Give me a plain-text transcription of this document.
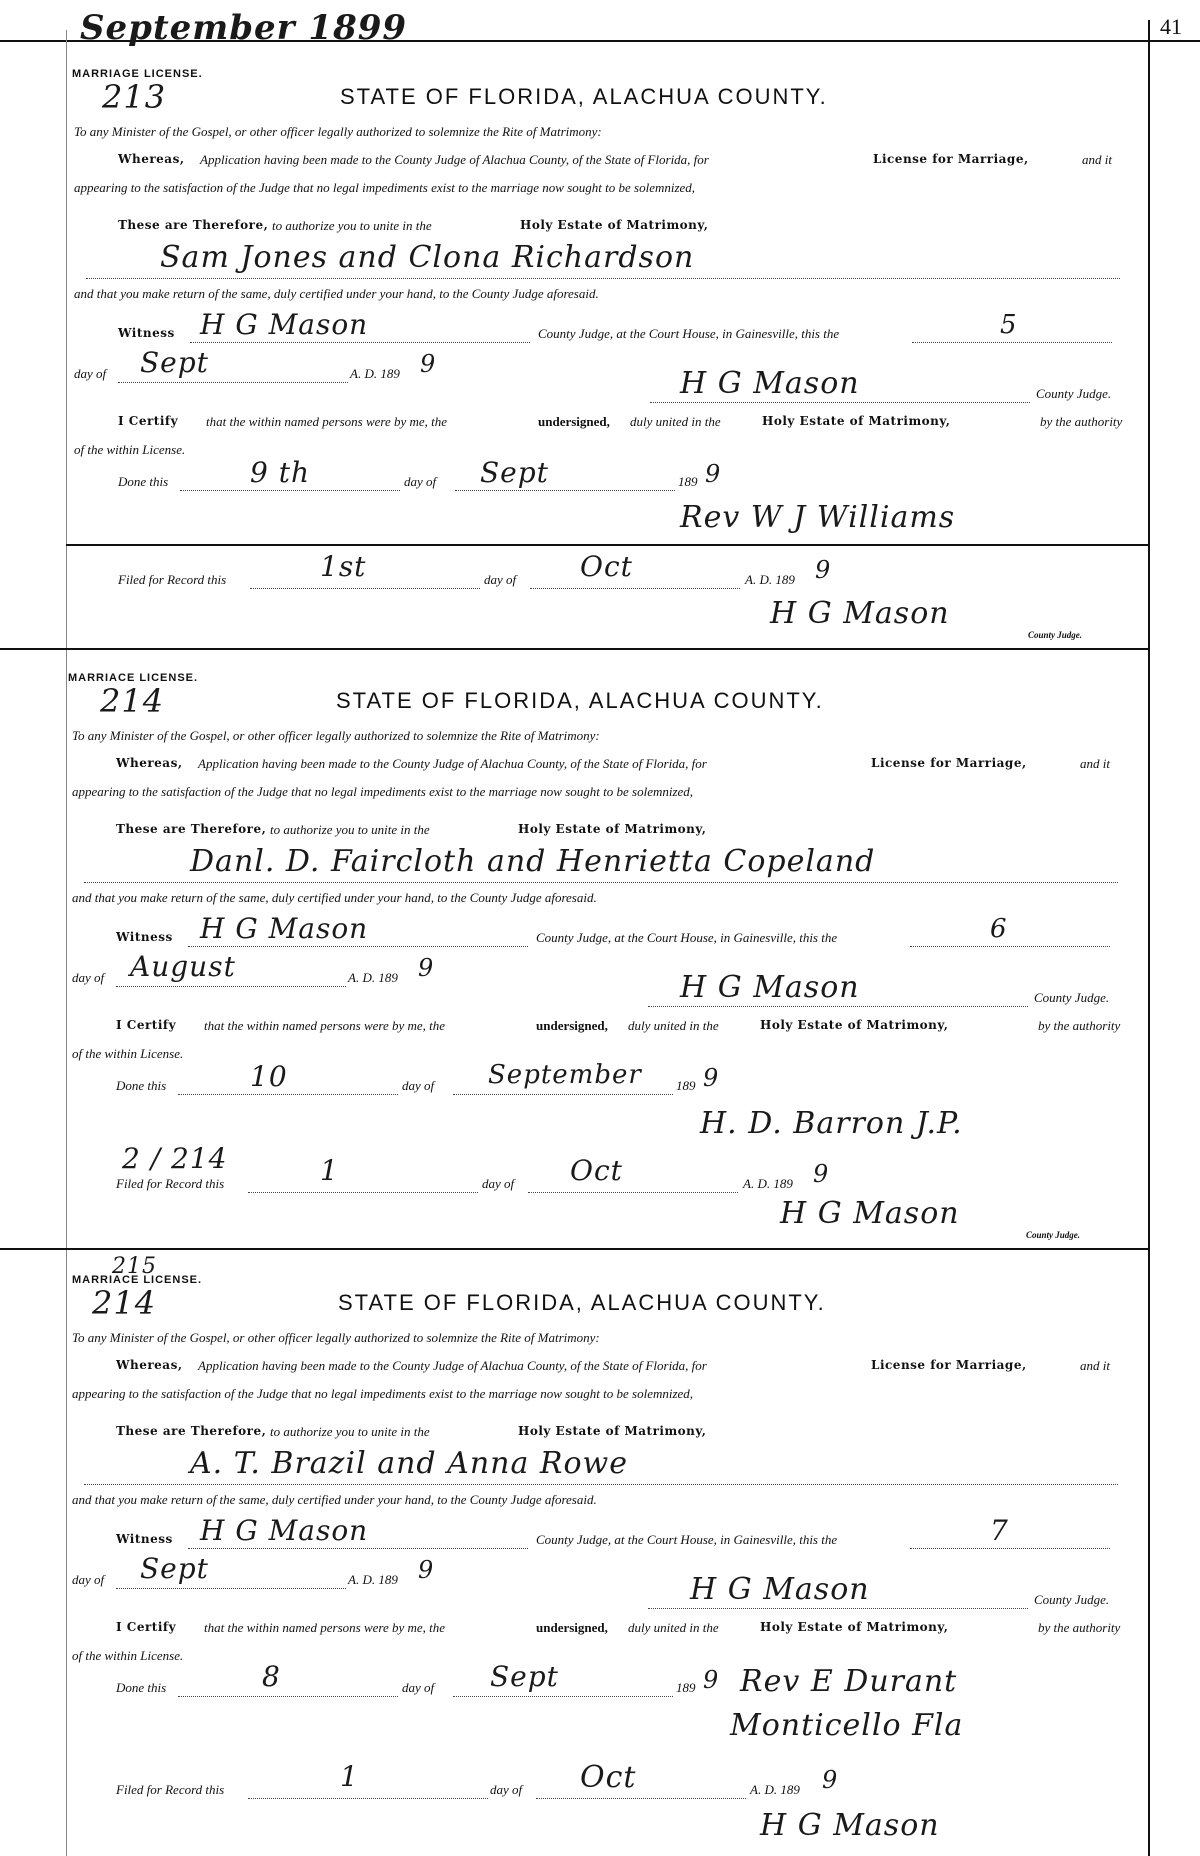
September 1899	41
MARRIAGE LICENSE.
213	STATE OF FLORIDA, ALACHUA COUNTY.
To any Minister of the Gospel, or other officer legally authorized to solemnize the Rite of Matrimony:
Whereas, Application having been made to the County Judge of Alachua County, of the State of Florida, for	License for Marriage,	and it
appearing to the satisfaction of the Judge that no legal impediments exist to the marriage now sought to be solemnized,
These are Therefore, to authorize you to unite in the	Holy Estate of Matrimony,
Sam Jones and Clona Richardson
and that you make return of the same, duly certified under your hand, to the County Judge aforesaid.
Witness H G Mason	County Judge, at the Court House, in Gainesville, this the	5
day of Sept	A. D. 189 9
H G Mason	County Judge.
I Certify that the within named persons were by me, the	undersigned, duly united in the	Holy Estate of Matrimony,	by the authority
of the within License.
Done this	9 th	day of Sept	189 9
Rev W J Williams
Filed for Record this	1st	day of Oct	A. D. 189 9
H G Mason
County Judge.
MARRIACE LICENSE.
214	STATE OF FLORIDA, ALACHUA COUNTY.
To any Minister of the Gospel, or other officer legally authorized to solemnize the Rite of Matrimony:
Whereas, Application having been made to the County Judge of Alachua County, of the State of Florida, for	License for Marriage,	and it
appearing to the satisfaction of the Judge that no legal impediments exist to the marriage now sought to be solemnized,
These are Therefore, to authorize you to unite in the	Holy Estate of Matrimony,
Danl. D. Faircloth and Henrietta Copeland
and that you make return of the same, duly certified under your hand, to the County Judge aforesaid.
Witness H G Mason	County Judge, at the Court House, in Gainesville, this the	6
day of August	A. D. 189 9
H G Mason	County Judge.
I Certify that the within named persons were by me, the	undersigned, duly united in the	Holy Estate of Matrimony,	by the authority
of the within License.
Done this	10	day of September	189 9
H. D. Barron J.P.
2 / 214
Filed for Record this	1	day of Oct	A. D. 189 9
H G Mason
County Judge.
MARRIACE LICENSE.
215
214	STATE OF FLORIDA, ALACHUA COUNTY.
To any Minister of the Gospel, or other officer legally authorized to solemnize the Rite of Matrimony:
Whereas, Application having been made to the County Judge of Alachua County, of the State of Florida, for	License for Marriage,	and it
appearing to the satisfaction of the Judge that no legal impediments exist to the marriage now sought to be solemnized,
These are Therefore, to authorize you to unite in the	Holy Estate of Matrimony,
A. T. Brazil and Anna Rowe
and that you make return of the same, duly certified under your hand, to the County Judge aforesaid.
Witness H G Mason	County Judge, at the Court House, in Gainesville, this the	7
day of Sept	A. D. 189 9
H G Mason	County Judge.
I Certify that the within named persons were by me, the	undersigned, duly united in the	Holy Estate of Matrimony,	by the authority
of the within License.
Done this	8	day of Sept	189 9 Rev E Durant
Monticello Fla
Filed for Record this	1	day of Oct	A. D. 189 9
H G Mason
